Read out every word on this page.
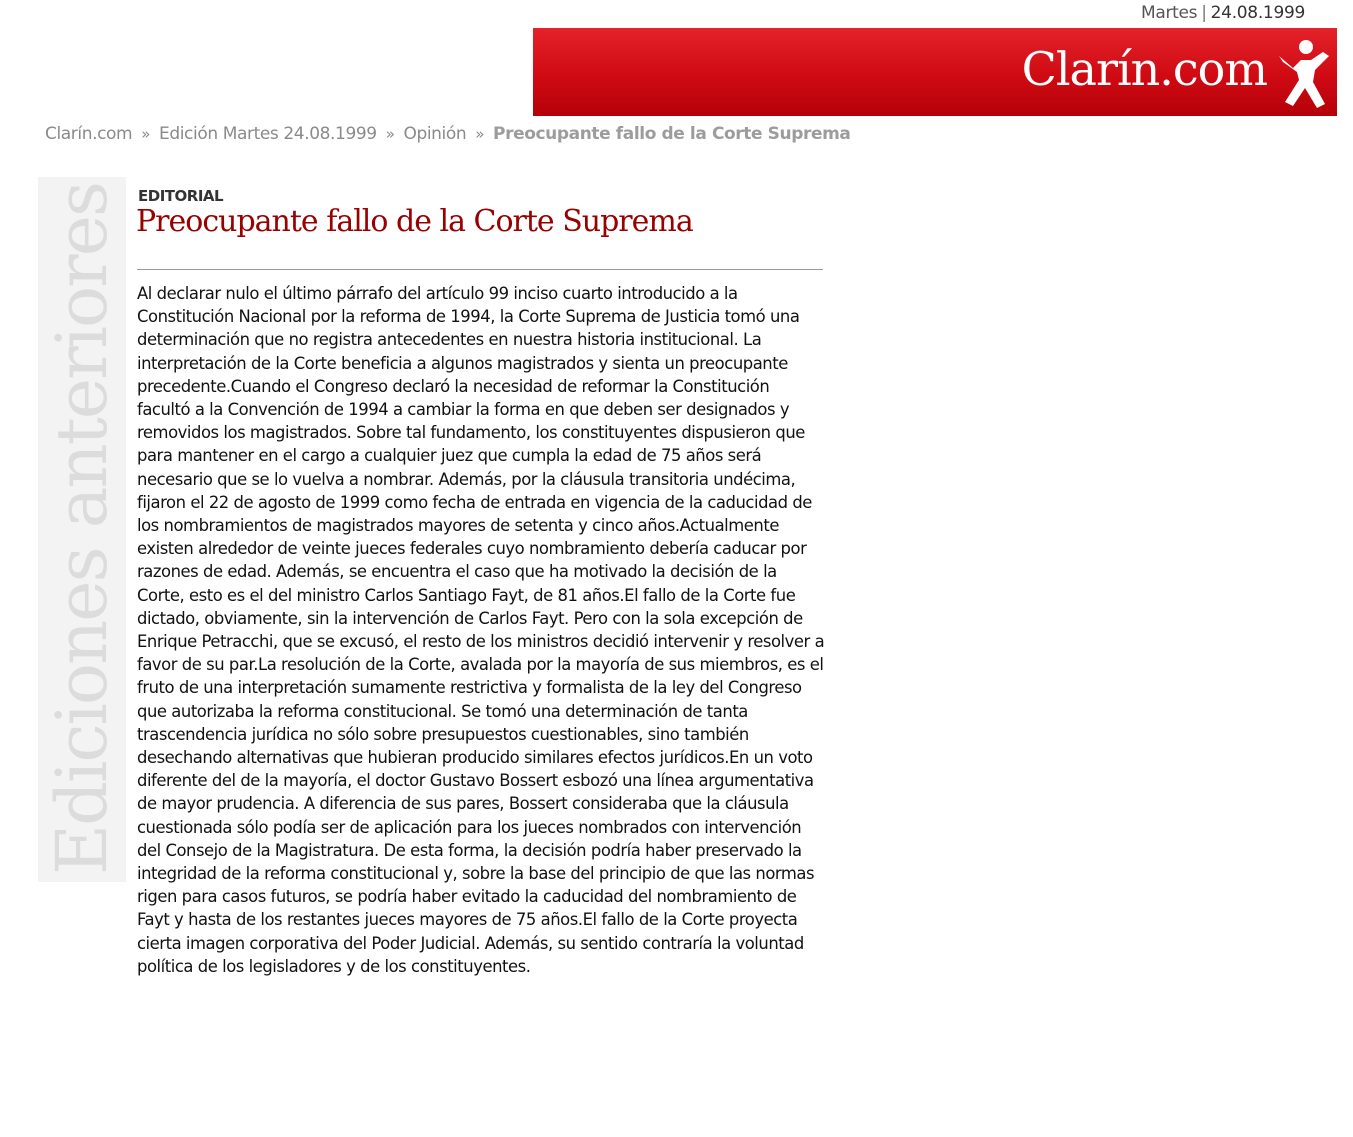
Martes | 24.08.1999
Clarín.com
Clarín.com » Edición Martes 24.08.1999 » Opinión » Preocupante fallo de la Corte Suprema
Ediciones anteriores EDITORIAL
Preocupante fallo de la Corte Suprema
Al declarar nulo el último párrafo del artículo 99 inciso cuarto introducido a la Constitución Nacional por la reforma de 1994, la Corte Suprema de Justicia tomó una determinación que no registra antecedentes en nuestra historia institucional. La interpretación de la Corte beneficia a algunos magistrados y sienta un preocupante precedente.Cuando el Congreso declaró la necesidad de reformar la Constitución facultó a la Convención de 1994 a cambiar la forma en que deben ser designados y removidos los magistrados. Sobre tal fundamento, los constituyentes dispusieron que para mantener en el cargo a cualquier juez que cumpla la edad de 75 años será necesario que se lo vuelva a nombrar. Además, por la cláusula transitoria undécima, fijaron el 22 de agosto de 1999 como fecha de entrada en vigencia de la caducidad de los nombramientos de magistrados mayores de setenta y cinco años.Actualmente existen alrededor de veinte jueces federales cuyo nombramiento debería caducar por razones de edad. Además, se encuentra el caso que ha motivado la decisión de la Corte, esto es el del ministro Carlos Santiago Fayt, de 81 años.El fallo de la Corte fue dictado, obviamente, sin la intervención de Carlos Fayt. Pero con la sola excepción de Enrique Petracchi, que se excusó, el resto de los ministros decidió intervenir y resolver a favor de su par.La resolución de la Corte, avalada por la mayoría de sus miembros, es el fruto de una interpretación sumamente restrictiva y formalista de la ley del Congreso que autorizaba la reforma constitucional. Se tomó una determinación de tanta trascendencia jurídica no sólo sobre presupuestos cuestionables, sino también desechando alternativas que hubieran producido similares efectos jurídicos.En un voto diferente del de la mayoría, el doctor Gustavo Bossert esbozó una línea argumentativa de mayor prudencia. A diferencia de sus pares, Bossert consideraba que la cláusula cuestionada sólo podía ser de aplicación para los jueces nombrados con intervención del Consejo de la Magistratura. De esta forma, la decisión podría haber preservado la integridad de la reforma constitucional y, sobre la base del principio de que las normas rigen para casos futuros, se podría haber evitado la caducidad del nombramiento de Fayt y hasta de los restantes jueces mayores de 75 años.El fallo de la Corte proyecta cierta imagen corporativa del Poder Judicial. Además, su sentido contraría la voluntad política de los legisladores y de los constituyentes.
